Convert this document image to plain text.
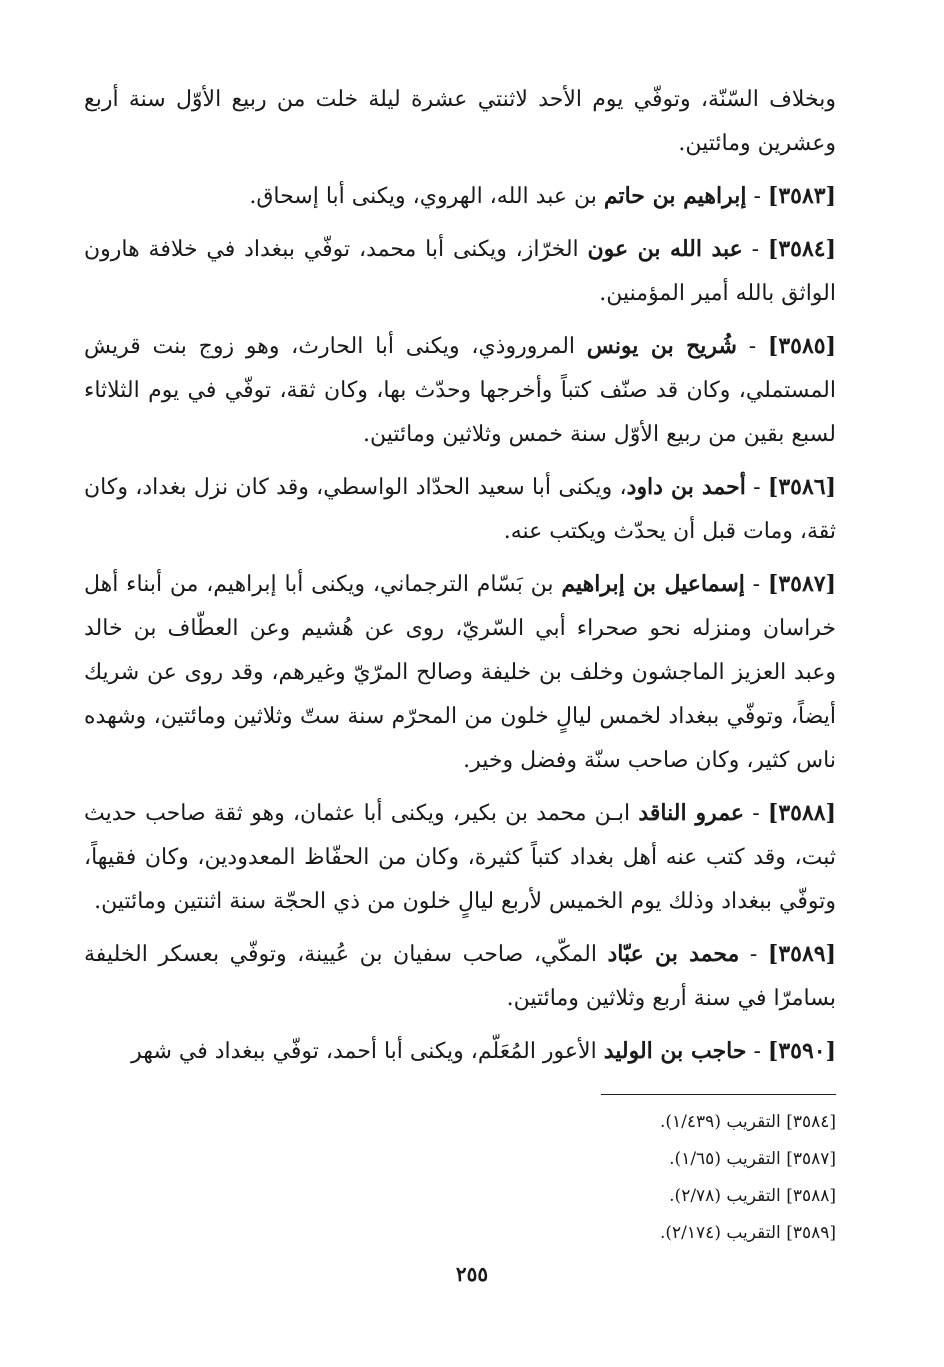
وبخلاف السّنّة، وتوفّي يوم الأحد لاثنتي عشرة ليلة خلت من ربيع الأوّل سنة أربع وعشرين ومائتين.

[٣٥٨٣] - إبراهيم بن حاتم بن عبد الله، الهروي، ويكنى أبا إسحاق.

[٣٥٨٤] - عبد الله بن عون الخرّاز، ويكنى أبا محمد، توفّي ببغداد في خلافة هارون الواثق بالله أمير المؤمنين.

[٣٥٨٥] - شُريح بن يونس المروروذي، ويكنى أبا الحارث، وهو زوج بنت قريش المستملي، وكان قد صنّف كتباً وأخرجها وحدّث بها، وكان ثقة، توفّي في يوم الثلاثاء لسبع بقين من ربيع الأوّل سنة خمس وثلاثين ومائتين.

[٣٥٨٦] - أحمد بن داود، ويكنى أبا سعيد الحدّاد الواسطي، وقد كان نزل بغداد، وكان ثقة، ومات قبل أن يحدّث ويكتب عنه.

[٣٥٨٧] - إسماعيل بن إبراهيم بن بَسّام الترجماني، ويكنى أبا إبراهيم، من أبناء أهل خراسان ومنزله نحو صحراء أبي السّريّ، روى عن هُشيم وعن العطّاف بن خالد وعبد العزيز الماجشون وخلف بن خليفة وصالح المرّيّ وغيرهم، وقد روى عن شريك أيضاً، وتوفّي ببغداد لخمس ليالٍ خلون من المحرّم سنة ستّ وثلاثين ومائتين، وشهده ناس كثير، وكان صاحب سنّة وفضل وخير.

[٣٥٨٨] - عمرو الناقد ابـن محمد بن بكير، ويكنى أبا عثمان، وهو ثقة صاحب حديث ثبت، وقد كتب عنه أهل بغداد كتباً كثيرة، وكان من الحفّاظ المعدودين، وكان فقيهاً، وتوفّي ببغداد وذلك يوم الخميس لأربع ليالٍ خلون من ذي الحجّة سنة اثنتين ومائتين.

[٣٥٨٩] - محمد بن عبّاد المكّي، صاحب سفيان بن عُيينة، وتوفّي بعسكر الخليفة بسامرّا في سنة أربع وثلاثين ومائتين.

[٣٥٩٠] - حاجب بن الوليد الأعور المُعَلّم، ويكنى أبا أحمد، توفّي ببغداد في شهر

[٣٥٨٤] التقريب (١/٤٣٩).

[٣٥٨٧] التقريب (١/٦٥).

[٣٥٨٨] التقريب (٢/٧٨).

[٣٥٨٩] التقريب (٢/١٧٤).

٢٥٥
